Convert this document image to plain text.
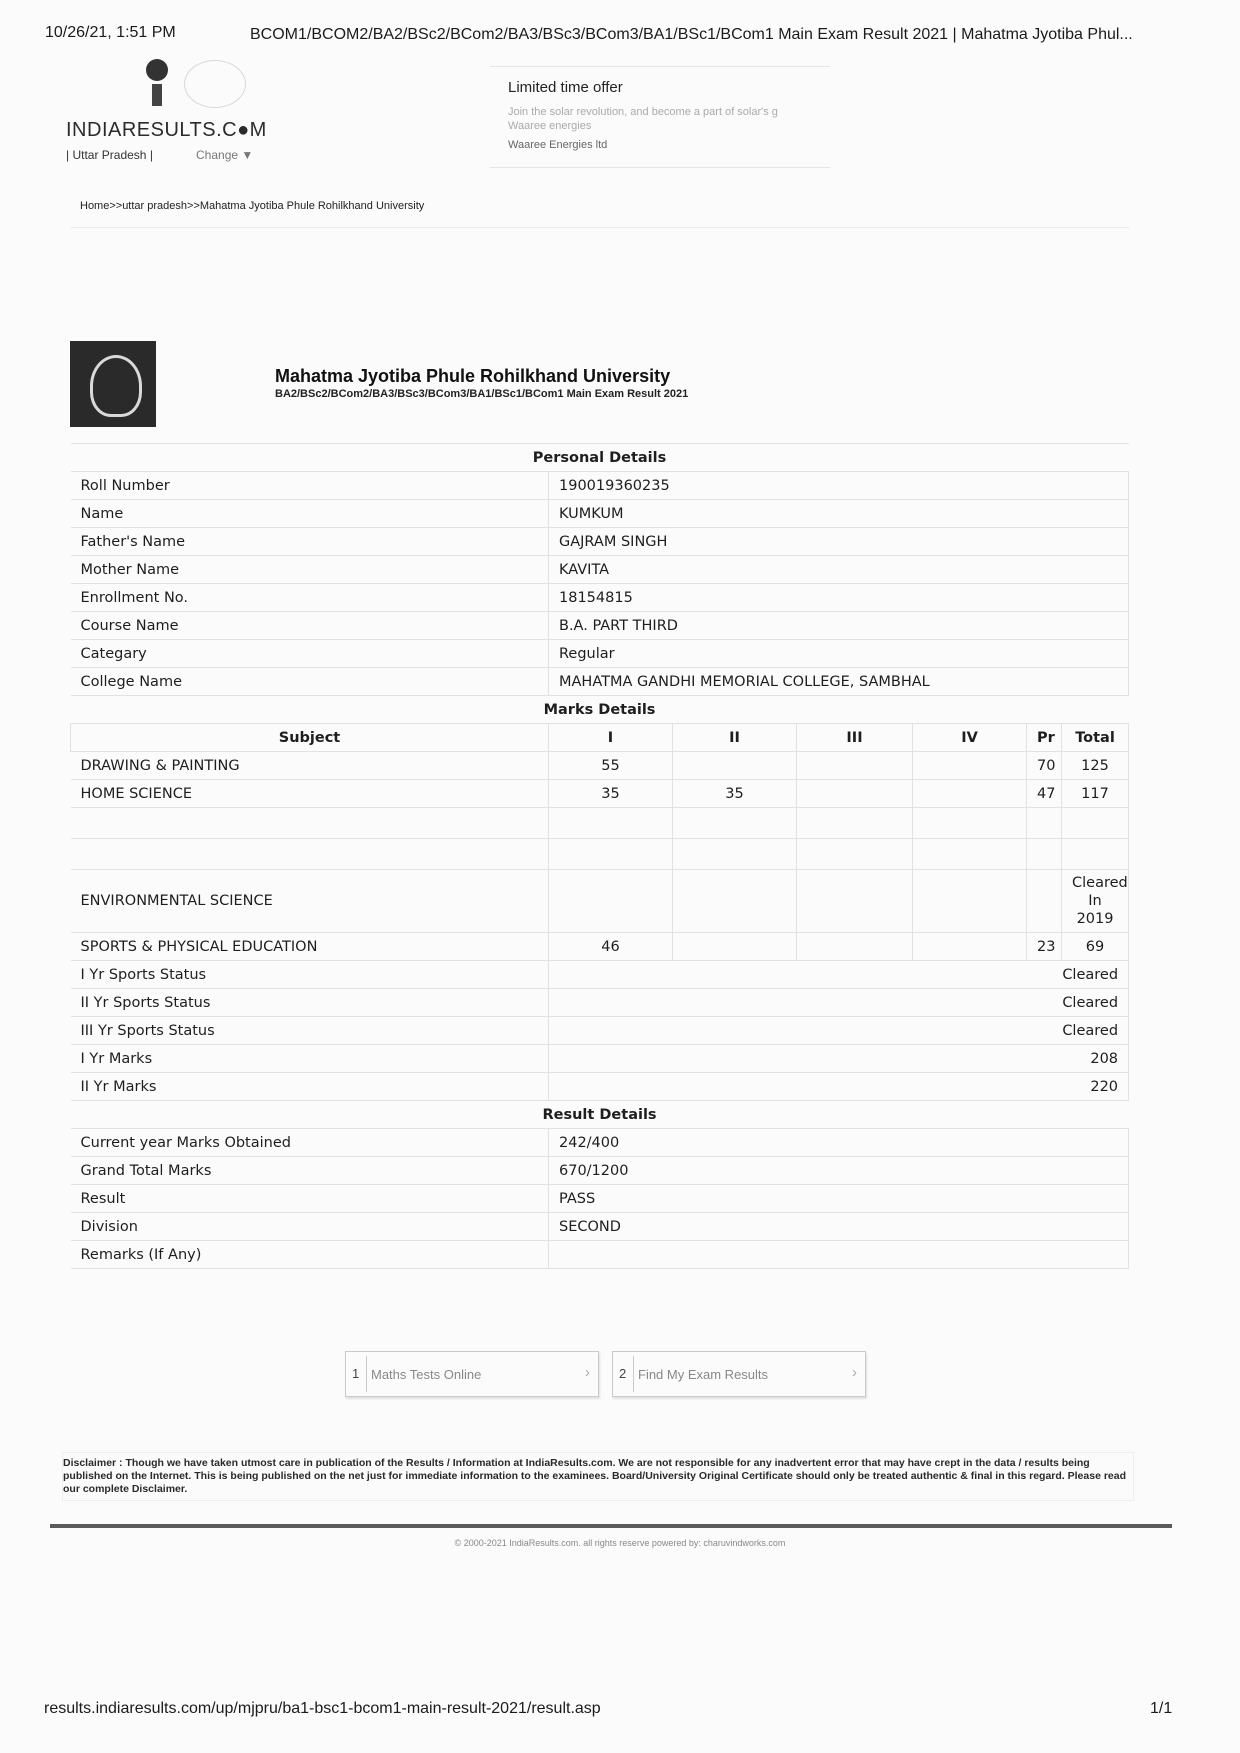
10/26/21, 1:51 PM	BCOM1/BCOM2/BA2/BSc2/BCom2/BA3/BSc3/BCom3/BA1/BSc1/BCom1 Main Exam Result 2021 | Mahatma Jyotiba Phul...
INDIARESULTS.C●M
| Uttar Pradesh |	Change ▼
Limited time offer
Join the solar revolution, and become a part of solar's g
Waaree energies
Waaree Energies ltd
Home>>uttar pradesh>>Mahatma Jyotiba Phule Rohilkhand University
Mahatma Jyotiba Phule Rohilkhand University
BA2/BSc2/BCom2/BA3/BSc3/BCom3/BA1/BSc1/BCom1 Main Exam Result 2021
Personal Details						
Roll Number	190019360235					
Name	KUMKUM					
Father's Name	GAJRAM SINGH					
Mother Name	KAVITA					
Enrollment No.	18154815					
Course Name	B.A. PART THIRD					
Categary	Regular					
College Name	MAHATMA GANDHI MEMORIAL COLLEGE, SAMBHAL					
Marks Details						
Subject	I	II	III	IV	Pr	Total
DRAWING & PAINTING	55				70	125
HOME SCIENCE	35	35			47	117

ENVIRONMENTAL SCIENCE						Cleared In 2019
SPORTS & PHYSICAL EDUCATION	46				23	69
I Yr Sports Status	Cleared					
II Yr Sports Status	Cleared					
III Yr Sports Status	Cleared					
I Yr Marks	208					
II Yr Marks	220					
Result Details						
Current year Marks Obtained	242/400					
Grand Total Marks	670/1200					
Result	PASS					
Division	SECOND					
Remarks (If Any)						
1 Maths Tests Online	› 2 Find My Exam Results	›
Disclaimer : Though we have taken utmost care in publication of the Results / Information at IndiaResults.com. We are not responsible for any inadvertent error that may have crept in the data / results being published on the Internet. This is being published on the net just for immediate information to the examinees. Board/University Original Certificate should only be treated authentic & final in this regard. Please read our complete Disclaimer.
© 2000-2021 IndiaResults.com. all rights reserve powered by: charuvindworks.com
results.indiaresults.com/up/mjpru/ba1-bsc1-bcom1-main-result-2021/result.asp	1/1
